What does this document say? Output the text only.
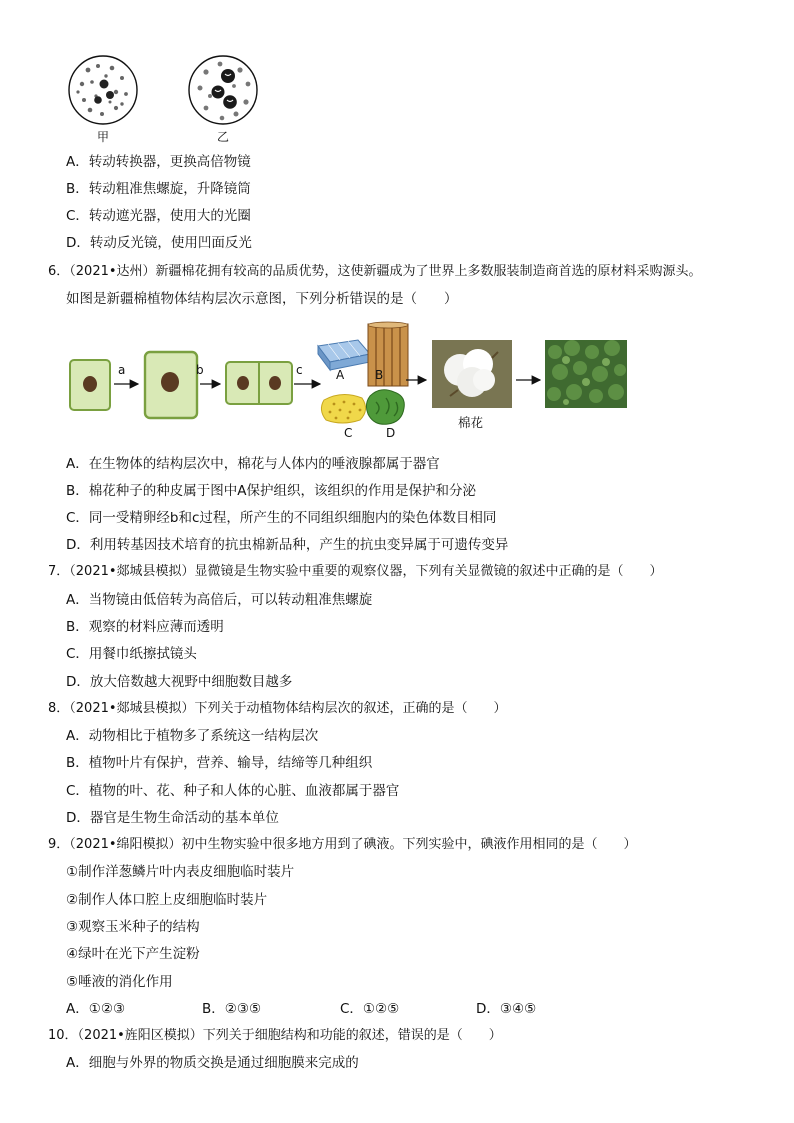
甲	乙
A．转动转换器，更换高倍物镜
B．转动粗准焦螺旋，升降镜筒
C．转动遮光器，使用大的光圈
D．转动反光镜，使用凹面反光
6．（2021•达州）新疆棉花拥有较高的品质优势，这使新疆成为了世界上多数服装制造商首选的原材料采购源头。
如图是新疆棉植物体结构层次示意图，下列分析错误的是（　　）
a	b	c	A	B
C	D
棉花
A．在生物体的结构层次中，棉花与人体内的唾液腺都属于器官
B．棉花种子的种皮属于图中A保护组织，该组织的作用是保护和分泌
C．同一受精卵经b和c过程，所产生的不同组织细胞内的染色体数目相同
D．利用转基因技术培育的抗虫棉新品种，产生的抗虫变异属于可遗传变异
7．（2021•郯城县模拟）显微镜是生物实验中重要的观察仪器，下列有关显微镜的叙述中正确的是（　　）
A．当物镜由低倍转为高倍后，可以转动粗准焦螺旋
B．观察的材料应薄而透明
C．用餐巾纸擦拭镜头
D．放大倍数越大视野中细胞数目越多
8．（2021•郯城县模拟）下列关于动植物体结构层次的叙述，正确的是（　　）
A．动物相比于植物多了系统这一结构层次
B．植物叶片有保护，营养、输导，结缔等几种组织
C．植物的叶、花、种子和人体的心脏、血液都属于器官
D．器官是生物生命活动的基本单位
9．（2021•绵阳模拟）初中生物实验中很多地方用到了碘液。下列实验中，碘液作用相同的是（　　）
①制作洋葱鳞片叶内表皮细胞临时装片
②制作人体口腔上皮细胞临时装片
③观察玉米种子的结构
④绿叶在光下产生淀粉
⑤唾液的消化作用
A．①②③	B．②③⑤	C．①②⑤	D．③④⑤
10．（2021•旌阳区模拟）下列关于细胞结构和功能的叙述，错误的是（　　）
A．细胞与外界的物质交换是通过细胞膜来完成的
